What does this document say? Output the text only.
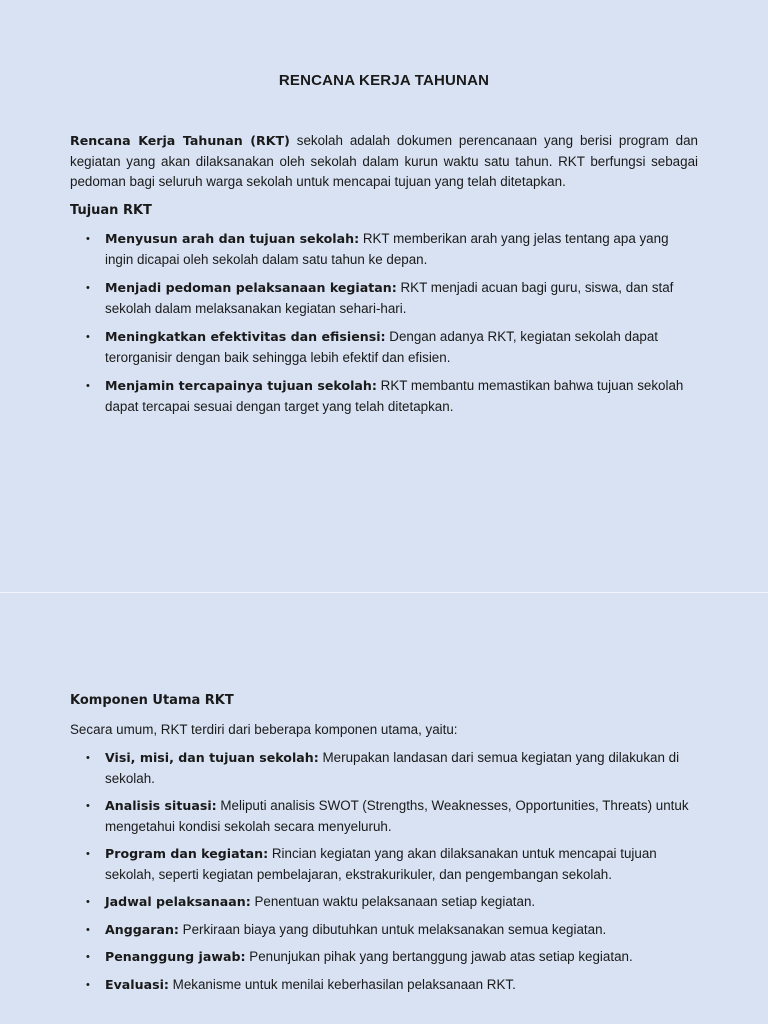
RENCANA KERJA TAHUNAN
Rencana Kerja Tahunan (RKT) sekolah adalah dokumen perencanaan yang berisi program dan kegiatan yang akan dilaksanakan oleh sekolah dalam kurun waktu satu tahun. RKT berfungsi sebagai pedoman bagi seluruh warga sekolah untuk mencapai tujuan yang telah ditetapkan.
Tujuan RKT
• Menyusun arah dan tujuan sekolah: RKT memberikan arah yang jelas tentang apa yang ingin dicapai oleh sekolah dalam satu tahun ke depan.
• Menjadi pedoman pelaksanaan kegiatan: RKT menjadi acuan bagi guru, siswa, dan staf sekolah dalam melaksanakan kegiatan sehari-hari.
• Meningkatkan efektivitas dan efisiensi: Dengan adanya RKT, kegiatan sekolah dapat terorganisir dengan baik sehingga lebih efektif dan efisien.
• Menjamin tercapainya tujuan sekolah: RKT membantu memastikan bahwa tujuan sekolah dapat tercapai sesuai dengan target yang telah ditetapkan.
Komponen Utama RKT
Secara umum, RKT terdiri dari beberapa komponen utama, yaitu:
• Visi, misi, dan tujuan sekolah: Merupakan landasan dari semua kegiatan yang dilakukan di sekolah.
• Analisis situasi: Meliputi analisis SWOT (Strengths, Weaknesses, Opportunities, Threats) untuk mengetahui kondisi sekolah secara menyeluruh.
• Program dan kegiatan: Rincian kegiatan yang akan dilaksanakan untuk mencapai tujuan sekolah, seperti kegiatan pembelajaran, ekstrakurikuler, dan pengembangan sekolah.
• Jadwal pelaksanaan: Penentuan waktu pelaksanaan setiap kegiatan.
• Anggaran: Perkiraan biaya yang dibutuhkan untuk melaksanakan semua kegiatan.
• Penanggung jawab: Penunjukan pihak yang bertanggung jawab atas setiap kegiatan.
• Evaluasi: Mekanisme untuk menilai keberhasilan pelaksanaan RKT.
